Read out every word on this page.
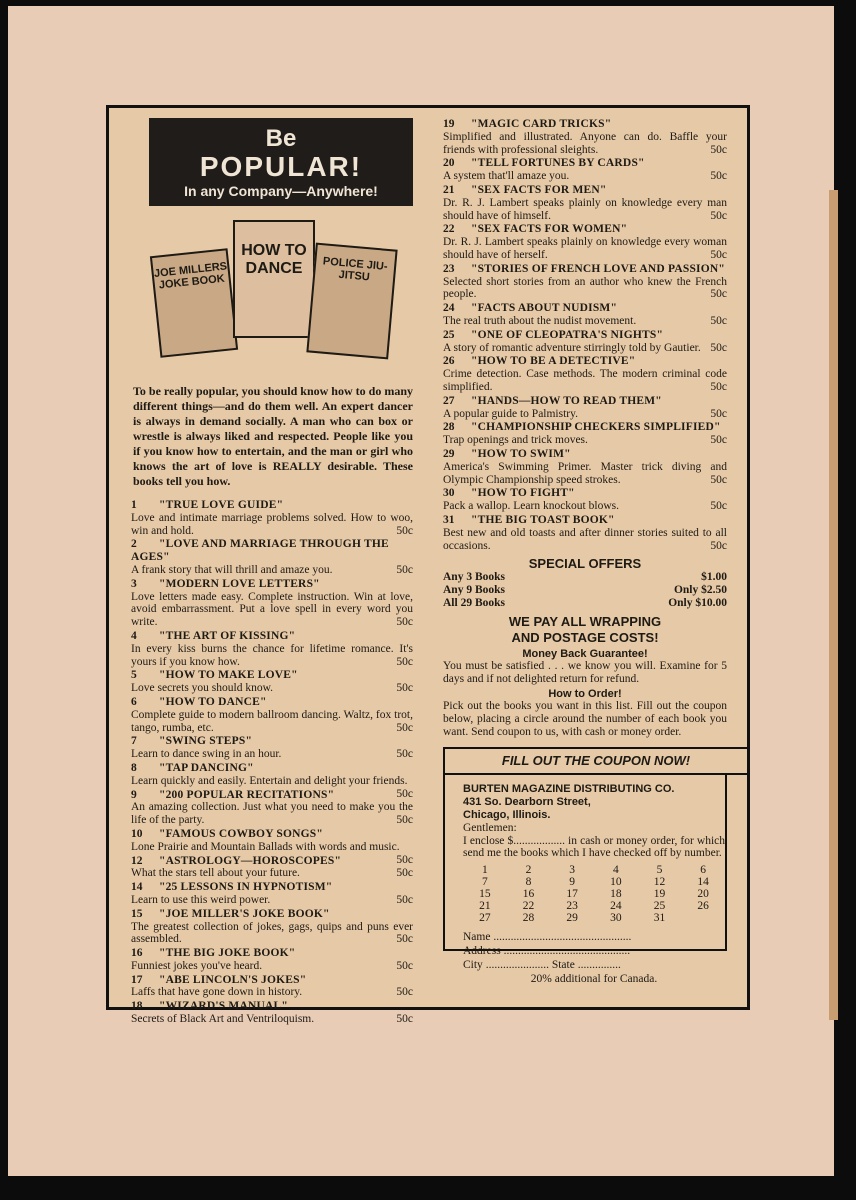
Be
POPULAR!
In any Company—Anywhere!
JOE MILLERS JOKE BOOK
HOW TO DANCE	POLICE JIU-JITSU
To be really popular, you should know how to do many different things—and do them well. An expert dancer is always in demand socially. A man who can box or wrestle is always liked and respected. People like you if you know how to entertain, and the man or girl who knows the art of love is REALLY desirable. These books tell you how.
1 "TRUE LOVE GUIDE"
Love and intimate marriage problems solved. How to woo, win and hold.	50c
2 "LOVE AND MARRIAGE THROUGH THE AGES"
A frank story that will thrill and amaze you.	50c
3 "MODERN LOVE LETTERS"
Love letters made easy. Complete instruction. Win at love, avoid embarrassment. Put a love spell in every word you write.	50c
4 "THE ART OF KISSING"
In every kiss burns the chance for lifetime romance. It's yours if you know how.	50c
5 "HOW TO MAKE LOVE"
Love secrets you should know.	50c
6 "HOW TO DANCE"
Complete guide to modern ballroom dancing. Waltz, fox trot, tango, rumba, etc.	50c
7 "SWING STEPS"
Learn to dance swing in an hour.	50c
8 "TAP DANCING"
Learn quickly and easily. Entertain and delight your friends.
50c
9 "200 POPULAR RECITATIONS"
An amazing collection. Just what you need to make you the life of the party.	50c
10 "FAMOUS COWBOY SONGS"
Lone Prairie and Mountain Ballads with words and music.
50c
12 "ASTROLOGY—HOROSCOPES"
What the stars tell about your future.	50c
14 "25 LESSONS IN HYPNOTISM"
Learn to use this weird power.	50c
15 "JOE MILLER'S JOKE BOOK"
The greatest collection of jokes, gags, quips and puns ever assembled.	50c
16 "THE BIG JOKE BOOK"
Funniest jokes you've heard.	50c
17 "ABE LINCOLN'S JOKES"
Laffs that have gone down in history.	50c
18 "WIZARD'S MANUAL"
Secrets of Black Art and Ventriloquism.	50c
19 "MAGIC CARD TRICKS"
Simplified and illustrated. Anyone can do. Baffle your friends with professional sleights.	50c
20 "TELL FORTUNES BY CARDS"
A system that'll amaze you.	50c
21 "SEX FACTS FOR MEN"
Dr. R. J. Lambert speaks plainly on knowledge every man should have of himself.	50c
22 "SEX FACTS FOR WOMEN"
Dr. R. J. Lambert speaks plainly on knowledge every woman should have of herself.	50c
23 "STORIES OF FRENCH LOVE AND PASSION"
Selected short stories from an author who knew the French people.	50c
24 "FACTS ABOUT NUDISM"
The real truth about the nudist movement.	50c
25 "ONE OF CLEOPATRA'S NIGHTS"
A story of romantic adventure stirringly told by Gautier. 50c
26 "HOW TO BE A DETECTIVE"
Crime detection. Case methods. The modern criminal code simplified.	50c
27 "HANDS—HOW TO READ THEM"
A popular guide to Palmistry.	50c
28 "CHAMPIONSHIP CHECKERS SIMPLIFIED"
Trap openings and trick moves.	50c
29 "HOW TO SWIM"
America's Swimming Primer. Master trick diving and Olympic Championship speed strokes.	50c
30 "HOW TO FIGHT"
Pack a wallop. Learn knockout blows.	50c
31 "THE BIG TOAST BOOK"
Best new and old toasts and after dinner stories suited to all occasions.	50c
SPECIAL OFFERS
Any 3 Books	$1.00
Any 9 Books	Only $2.50
All 29 Books	Only $10.00
WE PAY ALL WRAPPING
AND POSTAGE COSTS!
Money Back Guarantee!
You must be satisfied . . . we know you will. Examine for 5 days and if not delighted return for refund.
How to Order!
Pick out the books you want in this list. Fill out the coupon below, placing a circle around the number of each book you want. Send coupon to us, with cash or money order.
FILL OUT THE COUPON NOW!
BURTEN MAGAZINE DISTRIBUTING CO.
431 So. Dearborn Street,
Chicago, Illinois.
Gentlemen:
I enclose $.................. in cash or money order, for which send me the books which I have checked off by number.
1	2	3	4	5	6
7	8	9	10	12	14
15	16	17	18	19	20
21	22	23	24	25	26
27	28	29	30	31
Name ................................................
Address ............................................
City ...................... State ...............
20% additional for Canada.
